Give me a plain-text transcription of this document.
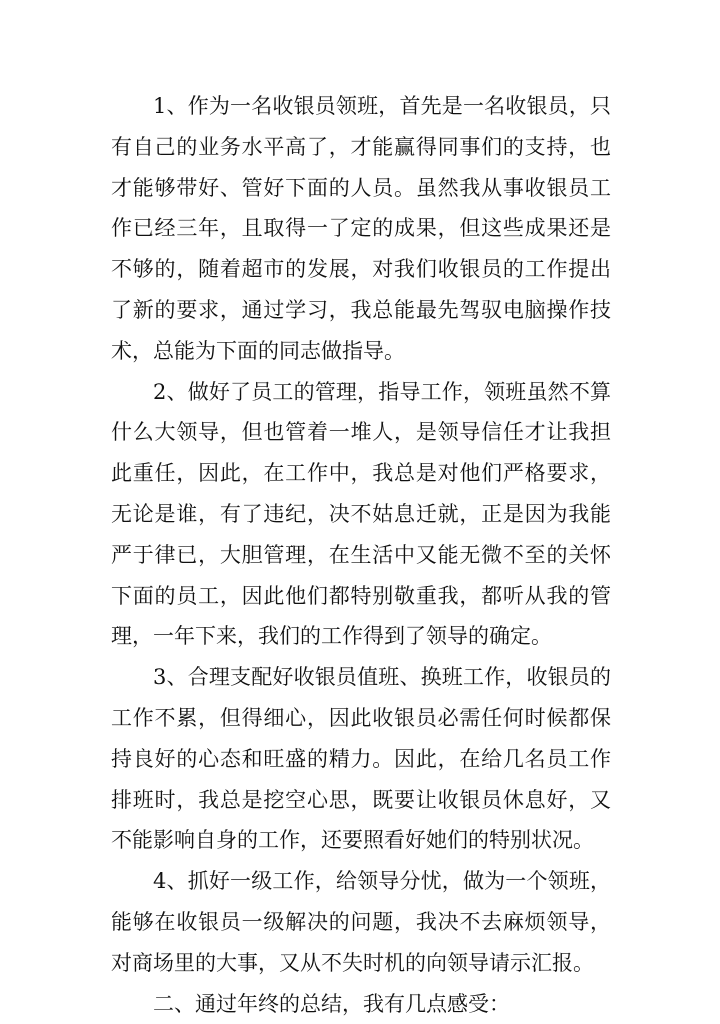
1、作为一名收银员领班，首先是一名收银员，只有自己的业务水平高了，才能赢得同事们的支持，也才能够带好、管好下面的人员。虽然我从事收银员工作已经三年，且取得一了定的成果，但这些成果还是不够的，随着超市的发展，对我们收银员的工作提出了新的要求，通过学习，我总能最先驾驭电脑操作技术，总能为下面的同志做指导。

2、做好了员工的管理，指导工作，领班虽然不算什么大领导，但也管着一堆人，是领导信任才让我担此重任，因此，在工作中，我总是对他们严格要求，无论是谁，有了违纪，决不姑息迁就，正是因为我能严于律已，大胆管理，在生活中又能无微不至的关怀下面的员工，因此他们都特别敬重我，都听从我的管理，一年下来，我们的工作得到了领导的确定。

3、合理支配好收银员值班、换班工作，收银员的工作不累，但得细心，因此收银员必需任何时候都保持良好的心态和旺盛的精力。因此，在给几名员工作排班时，我总是挖空心思，既要让收银员休息好，又不能影响自身的工作，还要照看好她们的特别状况。

4、抓好一级工作，给领导分忧，做为一个领班，能够在收银员一级解决的问题，我决不去麻烦领导，对商场里的大事，又从不失时机的向领导请示汇报。

二、通过年终的总结，我有几点感受：
